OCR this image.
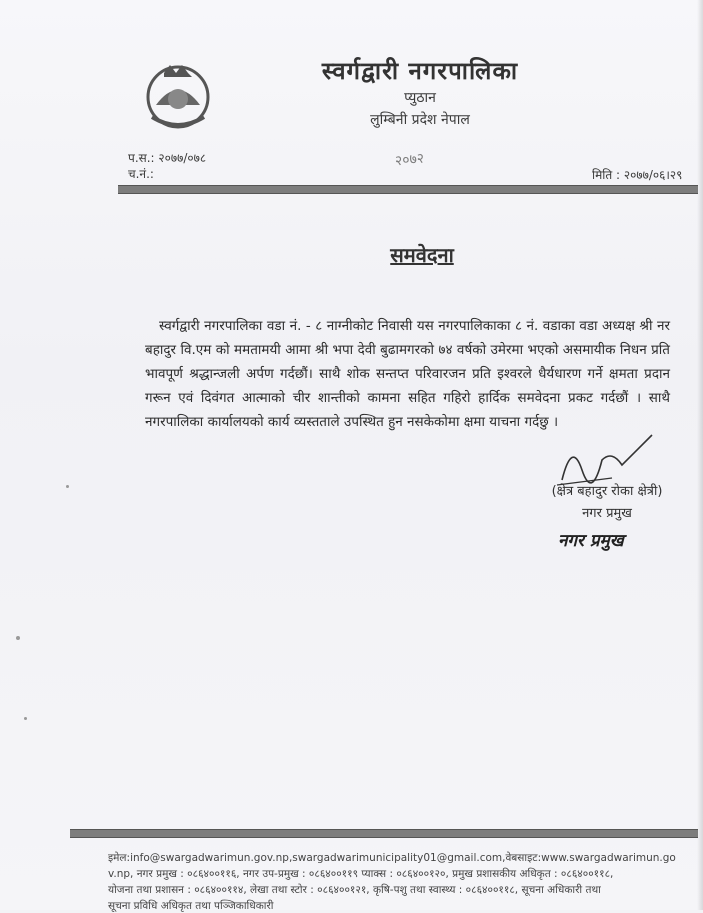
स्वर्गद्वारी नगरपालिका
प्युठान
लुम्बिनी प्रदेश नेपाल
२०७२
प.स.: २०७७/०७८
च.नं.:	मिति : २०७७/०६।२९
समवेदना
स्वर्गद्वारी नगरपालिका वडा नं. - ८ नाग्नीकोट निवासी यस नगरपालिकाका ८ नं. वडाका वडा अध्यक्ष श्री नर बहादुर वि.एम को ममतामयी आमा श्री भपा देवी बुढामगरको ७४ वर्षको उमेरमा भएको असमायीक निधन प्रति भावपूर्ण श्रद्धान्जली अर्पण गर्दछौं। साथै शोक सन्तप्त परिवारजन प्रति इश्वरले धैर्यधारण गर्ने क्षमता प्रदान गरून एवं दिवंगत आत्माको चीर शान्तीको कामना सहित गहिरो हार्दिक समवेदना प्रकट गर्दछौं । साथै नगरपालिका कार्यालयको कार्य व्यस्तताले उपस्थित हुन नसकेकोमा क्षमा याचना गर्दछु ।
(क्षेत्र बहादुर रोका क्षेत्री)
नगर प्रमुख
नगर प्रमुख
इमेल:info@swargadwarimun.gov.np,swargadwarimunicipality01@gmail.com,वेबसाइट:www.swargadwarimun.go
v.np, नगर प्रमुख : ०८६४००११६, नगर उप-प्रमुख : ०८६४००११९ प्याक्स : ०८६४००१२०, प्रमुख प्रशासकीय अधिकृत : ०८६४००११८,
योजना तथा प्रशासन : ०८६४००११४, लेखा तथा स्टोर : ०८६४००१२१, कृषि-पशु तथा स्वास्थ्य : ०८६४००११८, सूचना अधिकारी तथा
सूचना प्रविधि अधिकृत तथा पञ्जिकाधिकारी
